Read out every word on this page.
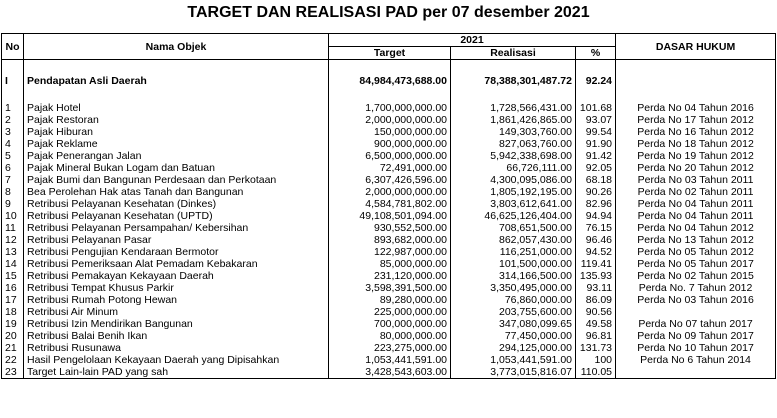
TARGET DAN REALISASI PAD per 07 desember 2021
No	Nama Objek	2021			DASAR HUKUM
		Target	Realisasi	%	

I	Pendapatan Asli Daerah	84,984,473,688.00	78,388,301,487.72	92.24	

1	Pajak Hotel	1,700,000,000.00	1,728,566,431.00	101.68	Perda No 04 Tahun 2016
2	Pajak Restoran	2,000,000,000.00	1,861,426,865.00	93.07	Perda No 17 Tahun 2012
3	Pajak Hiburan	150,000,000.00	149,303,760.00	99.54	Perda No 16 Tahun 2012
4	Pajak Reklame	900,000,000.00	827,063,760.00	91.90	Perda No 18 Tahun 2012
5	Pajak Penerangan Jalan	6,500,000,000.00	5,942,338,698.00	91.42	Perda No 19 Tahun 2012
6	Pajak Mineral Bukan Logam dan Batuan	72,491,000.00	66,726,111.00	92.05	Perda No 20 Tahun 2012
7	Pajak Bumi dan Bangunan Perdesaan dan Perkotaan	6,307,426,596.00	4,300,095,086.00	68.18	Perda No 03 Tahun 2011
8	Bea Perolehan Hak atas Tanah dan Bangunan	2,000,000,000.00	1,805,192,195.00	90.26	Perda No 02 Tahun 2011
9	Retribusi Pelayanan Kesehatan (Dinkes)	4,584,781,802.00	3,803,612,641.00	82.96	Perda No 04 Tahun 2011
10	Retribusi Pelayanan Kesehatan (UPTD)	49,108,501,094.00	46,625,126,404.00	94.94	Perda No 04 Tahun 2011
11	Retribusi Pelayanan Persampahan/ Kebersihan	930,552,500.00	708,651,500.00	76.15	Perda No 04 Tahun 2012
12	Retribusi Pelayanan Pasar	893,682,000.00	862,057,430.00	96.46	Perda No 13 Tahun 2012
13	Retribusi Pengujian Kendaraan Bermotor	122,987,000.00	116,251,000.00	94.52	Perda No 05 Tahun 2012
14	Retribusi Pemeriksaan Alat Pemadam Kebakaran	85,000,000.00	101,500,000.00	119.41	Perda No 05 Tahun 2017
15	Retribusi Pemakayan Kekayaan Daerah	231,120,000.00	314,166,500.00	135.93	Perda No 02 Tahun 2015
16	Retribusi Tempat Khusus Parkir	3,598,391,500.00	3,350,495,000.00	93.11	Perda No. 7 Tahun 2012
17	Retribusi Rumah Potong Hewan	89,280,000.00	76,860,000.00	86.09	Perda No 03 Tahun 2016
18	Retribusi Air Minum	225,000,000.00	203,755,600.00	90.56	
19	Retribusi Izin Mendirikan Bangunan	700,000,000.00	347,080,099.65	49.58	Perda No 07 tahun 2017
20	Retribusi Balai Benih Ikan	80,000,000.00	77,450,000.00	96.81	Perda No 09 Tahun 2017
21	Retribusi Rusunawa	223,275,000.00	294,125,000.00	131.73	Perda No 10 Tahun 2017
22	Hasil Pengelolaan Kekayaan Daerah yang Dipisahkan	1,053,441,591.00	1,053,441,591.00	100	Perda No 6 Tahun 2014
23	Target Lain-lain PAD yang sah	3,428,543,603.00	3,773,015,816.07	110.05	
